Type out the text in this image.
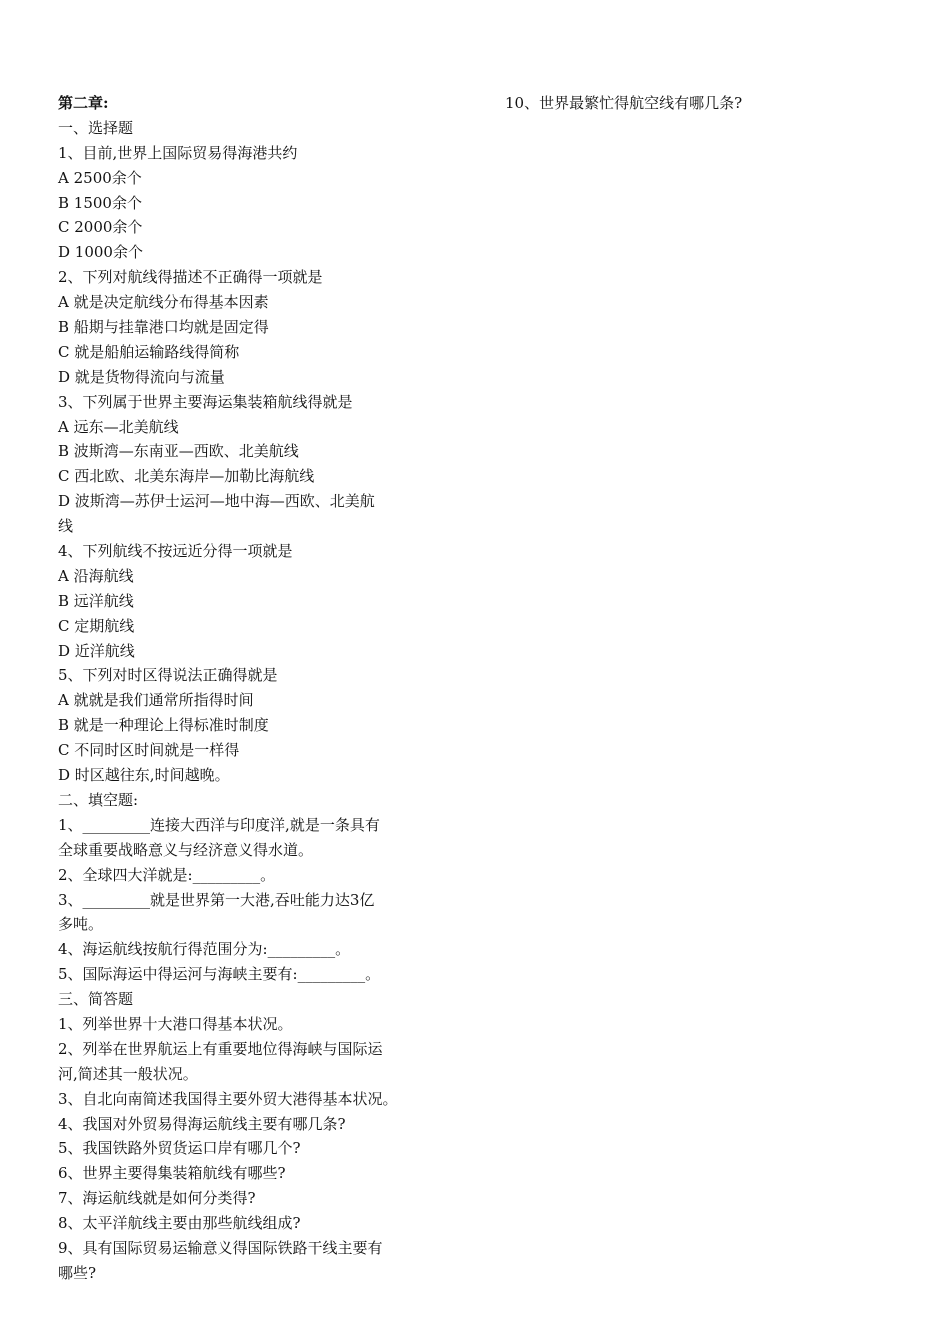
第二章:
一、选择题
1、目前,世界上国际贸易得海港共约
A 2500余个
B 1500余个
C 2000余个
D 1000余个
2、下列对航线得描述不正确得一项就是
A 就是决定航线分布得基本因素
B 船期与挂靠港口均就是固定得
C 就是船舶运输路线得简称
D 就是货物得流向与流量
3、下列属于世界主要海运集装箱航线得就是
A 远东—北美航线
B 波斯湾—东南亚—西欧、北美航线
C 西北欧、北美东海岸—加勒比海航线
D 波斯湾—苏伊士运河—地中海—西欧、北美航
线
4、下列航线不按远近分得一项就是
A 沿海航线
B 远洋航线
C 定期航线
D 近洋航线
5、下列对时区得说法正确得就是
A 就就是我们通常所指得时间
B 就是一种理论上得标准时制度
C 不同时区时间就是一样得
D 时区越往东,时间越晚。
二、填空题:
1、_________连接大西洋与印度洋,就是一条具有
全球重要战略意义与经济意义得水道。
2、全球四大洋就是:_________。
3、_________就是世界第一大港,吞吐能力达3亿
多吨。
4、海运航线按航行得范围分为:_________。
5、国际海运中得运河与海峡主要有:_________。
三、简答题
1、列举世界十大港口得基本状况。
2、列举在世界航运上有重要地位得海峡与国际运
河,简述其一般状况。
3、自北向南简述我国得主要外贸大港得基本状况。
4、我国对外贸易得海运航线主要有哪几条?
5、我国铁路外贸货运口岸有哪几个?
6、世界主要得集装箱航线有哪些?
7、海运航线就是如何分类得?
8、太平洋航线主要由那些航线组成?
9、具有国际贸易运输意义得国际铁路干线主要有
哪些?
10、世界最繁忙得航空线有哪几条?
